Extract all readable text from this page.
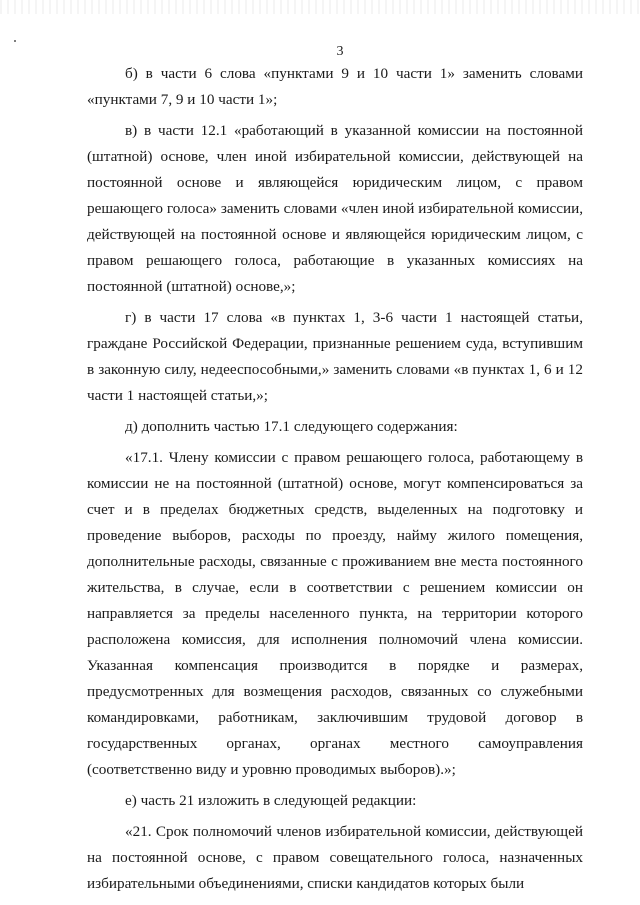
3

б) в части 6 слова «пунктами 9 и 10 части 1» заменить словами «пунктами 7, 9 и 10 части 1»;

в) в части 12.1 «работающий в указанной комиссии на постоянной (штатной) основе, член иной избирательной комиссии, действующей на постоянной основе и являющейся юридическим лицом, с правом решающего голоса» заменить словами «член иной избирательной комиссии, действующей на постоянной основе и являющейся юридическим лицом, с правом решающего голоса, работающие в указанных комиссиях на постоянной (штатной) основе,»;

г) в части 17 слова «в пунктах 1, 3-6 части 1 настоящей статьи, граждане Российской Федерации, признанные решением суда, вступившим в законную силу, недееспособными,» заменить словами «в пунктах 1, 6 и 12 части 1 настоящей статьи,»;

д) дополнить частью 17.1 следующего содержания:

«17.1. Члену комиссии с правом решающего голоса, работающему в комиссии не на постоянной (штатной) основе, могут компенсироваться за счет и в пределах бюджетных средств, выделенных на подготовку и проведение выборов, расходы по проезду, найму жилого помещения, дополнительные расходы, связанные с проживанием вне места постоянного жительства, в случае, если в соответствии с решением комиссии он направляется за пределы населенного пункта, на территории которого расположена комиссия, для исполнения полномочий члена комиссии. Указанная компенсация производится в порядке и размерах, предусмотренных для возмещения расходов, связанных со служебными командировками, работникам, заключившим трудовой договор в государственных органах, органах местного самоуправления (соответственно виду и уровню проводимых выборов).»;

е) часть 21 изложить в следующей редакции:

«21. Срок полномочий членов избирательной комиссии, действующей на постоянной основе, с правом совещательного голоса, назначенных избирательными объединениями, списки кандидатов которых были
